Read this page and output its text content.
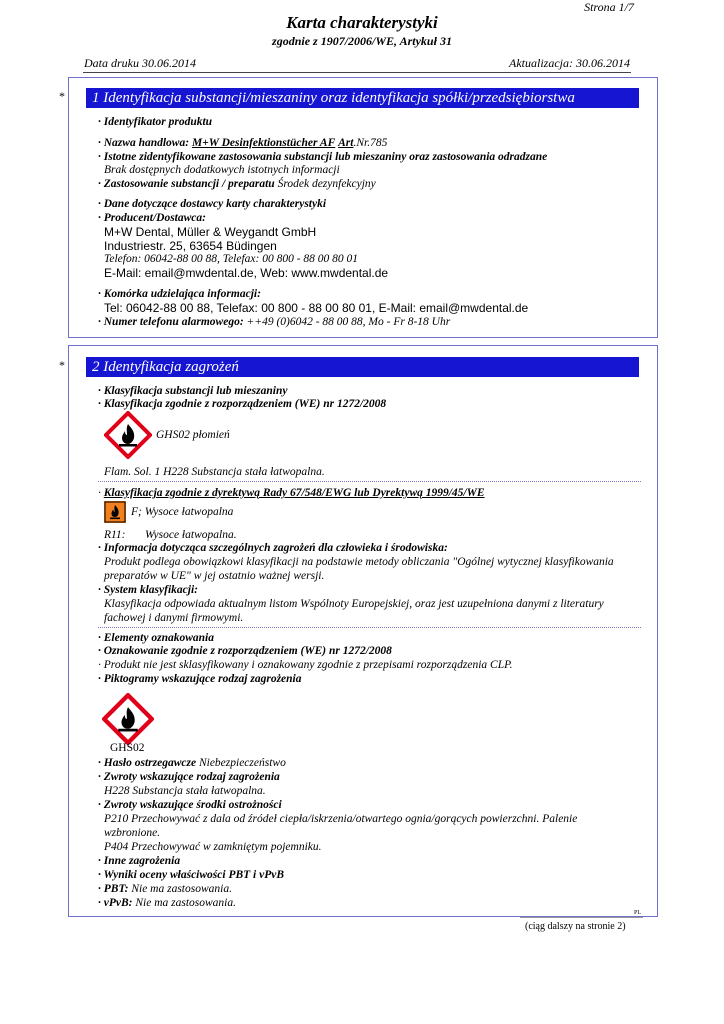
Strona 1/7
Karta charakterystyki
zgodnie z 1907/2006/WE, Artykuł 31
Data druku 30.06.2014	Aktualizacja: 30.06.2014
*	1 Identyfikacja substancji/mieszaniny oraz identyfikacja spółki/przedsiębiorstwa
· Identyfikator produktu
· Nazwa handlowa: M+W Desinfektionstücher AF Art.Nr.785
· Istotne zidentyfikowane zastosowania substancji lub mieszaniny oraz zastosowania odradzane
Brak dostępnych dodatkowych istotnych informacji
· Zastosowanie substancji / preparatu Środek dezynfekcyjny
· Dane dotyczące dostawcy karty charakterystyki
· Producent/Dostawca:
M+W Dental, Müller & Weygandt GmbH
Industriestr. 25, 63654 Büdingen
Telefon: 06042-88 00 88, Telefax: 00 800 - 88 00 80 01
E-Mail: email@mwdental.de, Web: www.mwdental.de
· Komórka udzielająca informacji:
Tel: 06042-88 00 88, Telefax: 00 800 - 88 00 80 01, E-Mail: email@mwdental.de
· Numer telefonu alarmowego: ++49 (0)6042 - 88 00 88, Mo - Fr 8-18 Uhr
*	2 Identyfikacja zagrożeń
· Klasyfikacja substancji lub mieszaniny
· Klasyfikacja zgodnie z rozporządzeniem (WE) nr 1272/2008
GHS02 płomień
Flam. Sol. 1 H228 Substancja stała łatwopalna.
· Klasyfikacja zgodnie z dyrektywą Rady 67/548/EWG lub Dyrektywą 1999/45/WE
F; Wysoce łatwopalna
R11: Wysoce łatwopalna.
· Informacja dotycząca szczególnych zagrożeń dla człowieka i środowiska:
Produkt podlega obowiązkowi klasyfikacji na podstawie metody obliczania "Ogólnej wytycznej klasyfikowania
preparatów w UE" w jej ostatnio ważnej wersji.
· System klasyfikacji:
Klasyfikacja odpowiada aktualnym listom Wspólnoty Europejskiej, oraz jest uzupełniona danymi z literatury
fachowej i danymi firmowymi.
· Elementy oznakowania
· Oznakowanie zgodnie z rozporządzeniem (WE) nr 1272/2008
· Produkt nie jest sklasyfikowany i oznakowany zgodnie z przepisami rozporządzenia CLP.
· Piktogramy wskazujące rodzaj zagrożenia
GHS02
· Hasło ostrzegawcze Niebezpieczeństwo
· Zwroty wskazujące rodzaj zagrożenia
H228 Substancja stała łatwopalna.
· Zwroty wskazujące środki ostrożności
P210 Przechowywać z dala od źródeł ciepła/iskrzenia/otwartego ognia/gorących powierzchni. Palenie
wzbronione.
P404 Przechowywać w zamkniętym pojemniku.
· Inne zagrożenia
· Wyniki oceny właściwości PBT i vPvB
· PBT: Nie ma zastosowania.
· vPvB: Nie ma zastosowania.
PL
(ciąg dalszy na stronie 2)
